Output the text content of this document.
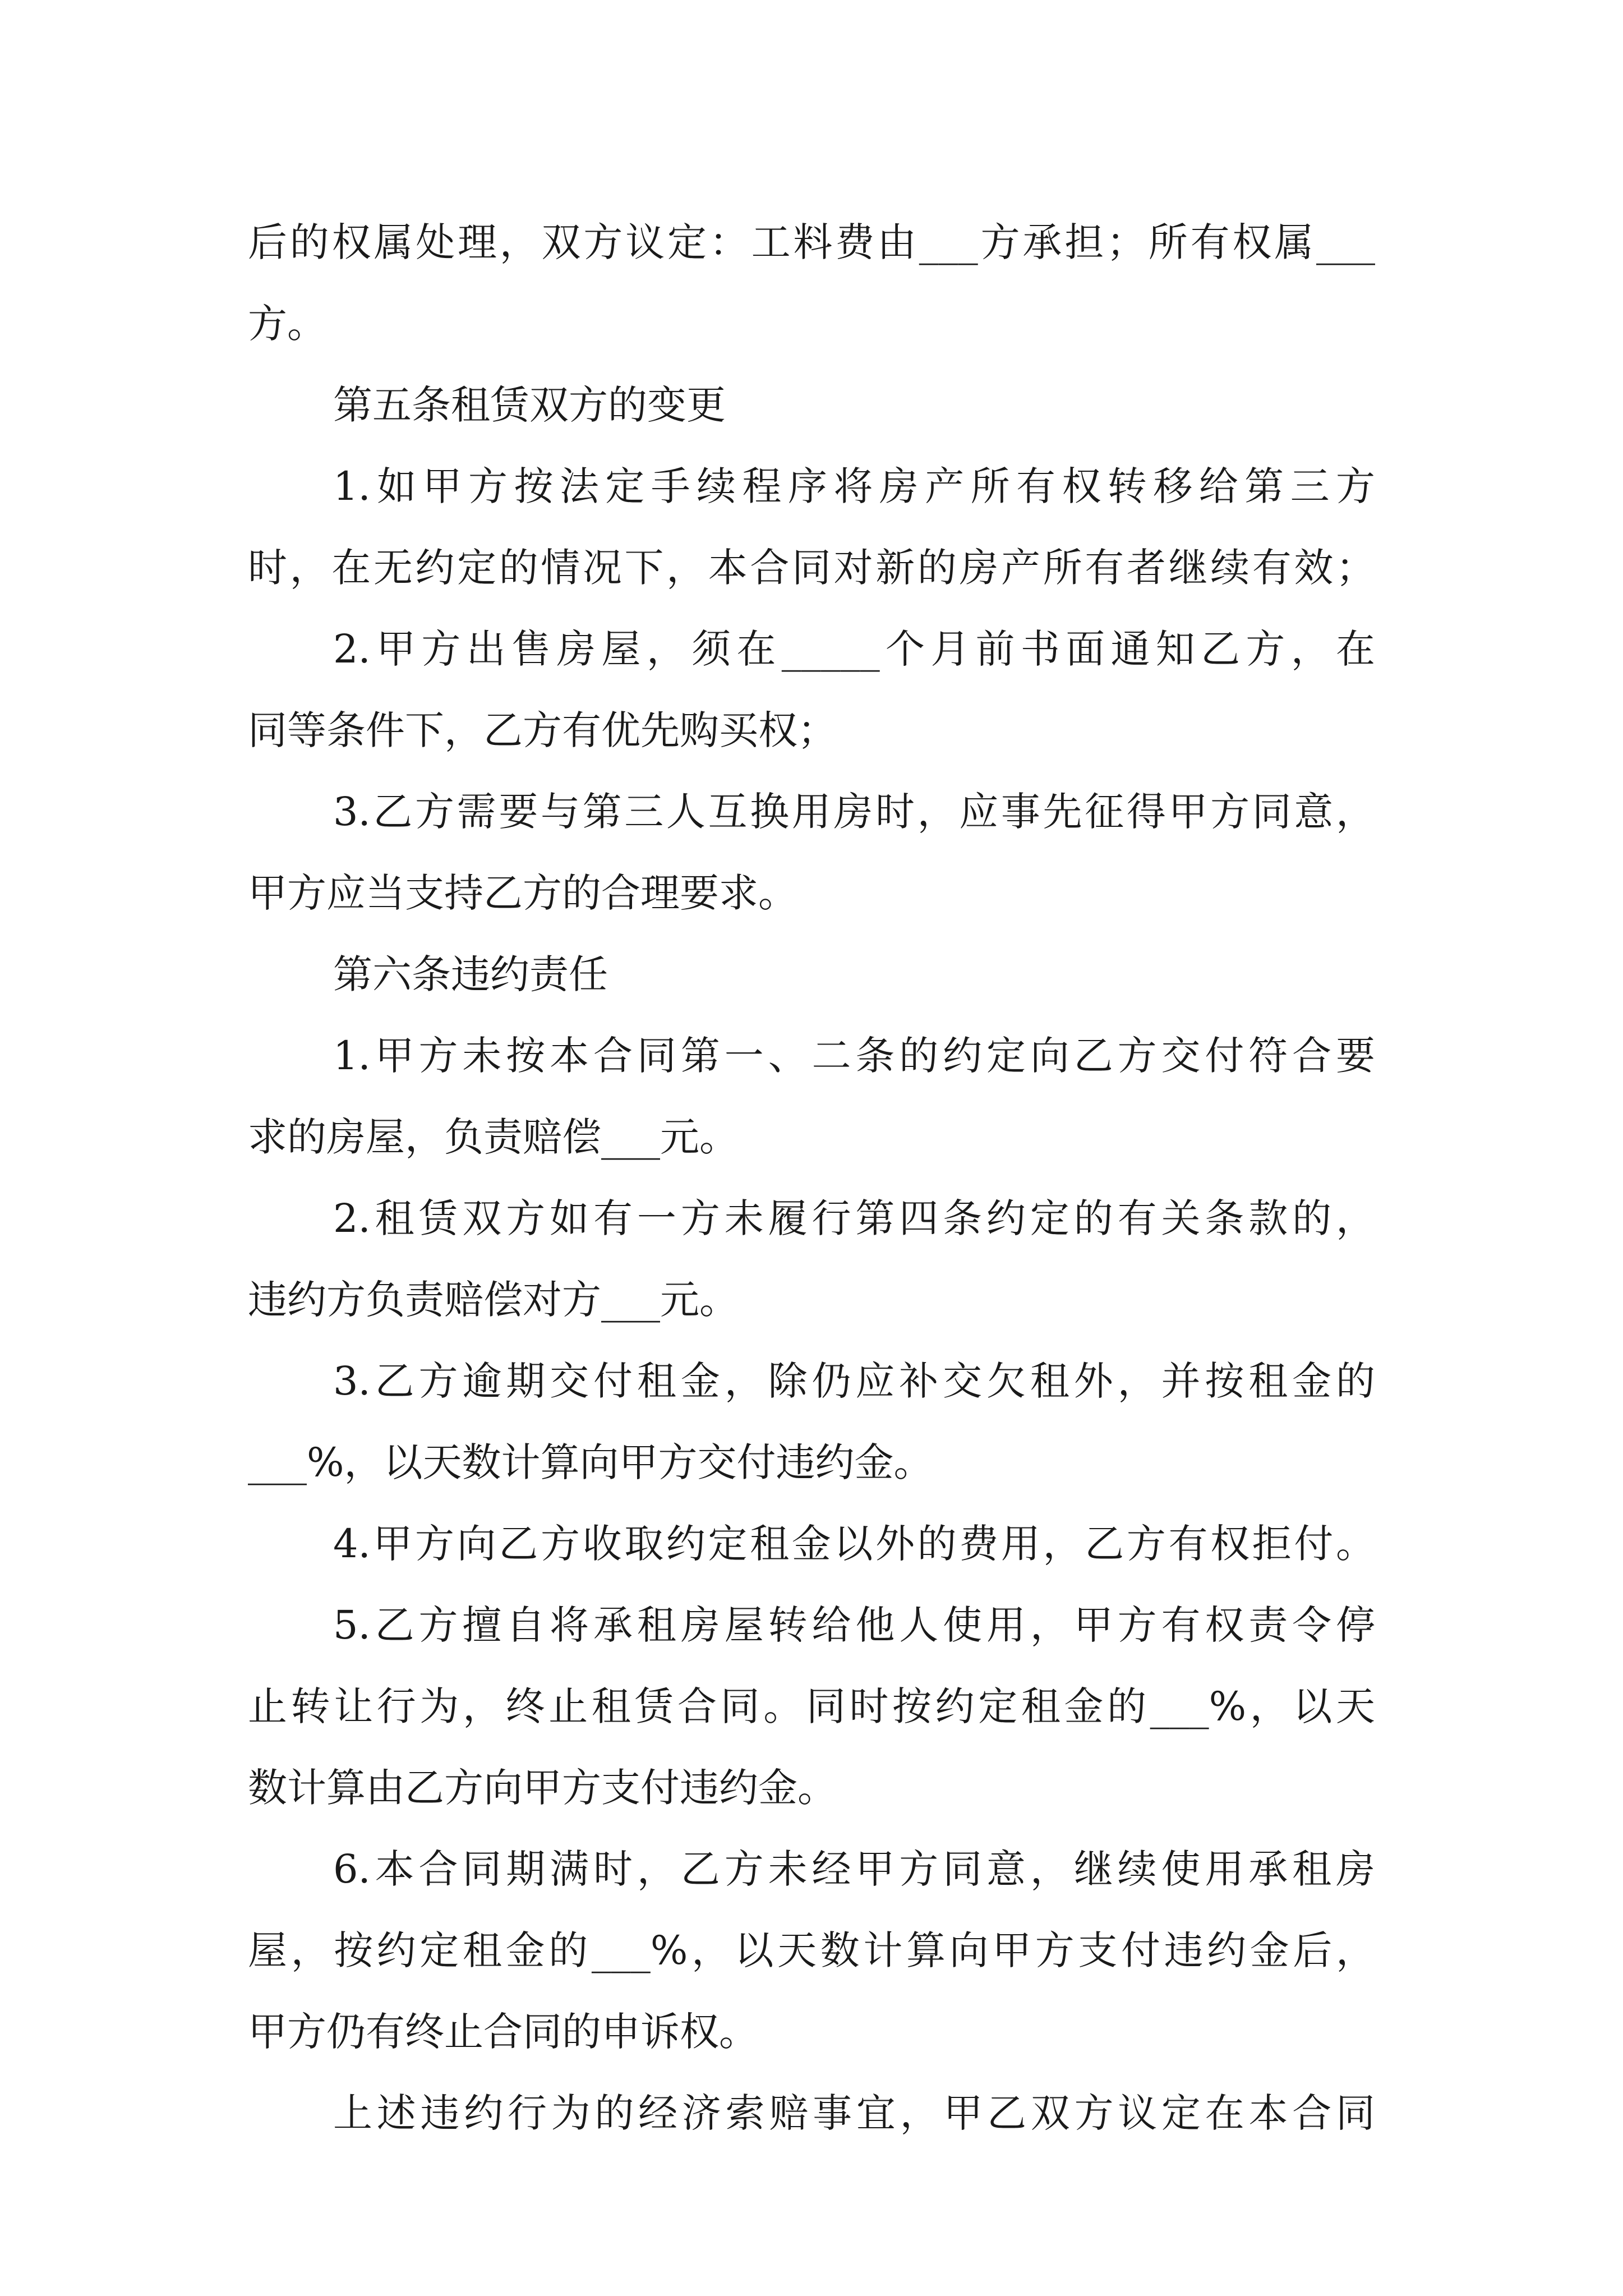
后的权属处理，双方议定：工料费由___方承担；所有权属___
方。
第五条租赁双方的变更
1.如甲方按法定手续程序将房产所有权转移给第三方
时，在无约定的情况下，本合同对新的房产所有者继续有效；
2.甲方出售房屋，须在_____个月前书面通知乙方，在
同等条件下，乙方有优先购买权；
3.乙方需要与第三人互换用房时，应事先征得甲方同意，
甲方应当支持乙方的合理要求。
第六条违约责任
1.甲方未按本合同第一、二条的约定向乙方交付符合要
求的房屋，负责赔偿___元。
2.租赁双方如有一方未履行第四条约定的有关条款的，
违约方负责赔偿对方___元。
3.乙方逾期交付租金，除仍应补交欠租外，并按租金的
___%，以天数计算向甲方交付违约金。
4.甲方向乙方收取约定租金以外的费用，乙方有权拒付。
5.乙方擅自将承租房屋转给他人使用，甲方有权责令停
止转让行为，终止租赁合同。同时按约定租金的___%，以天
数计算由乙方向甲方支付违约金。
6.本合同期满时，乙方未经甲方同意，继续使用承租房
屋，按约定租金的___%，以天数计算向甲方支付违约金后，
甲方仍有终止合同的申诉权。
上述违约行为的经济索赔事宜，甲乙双方议定在本合同
